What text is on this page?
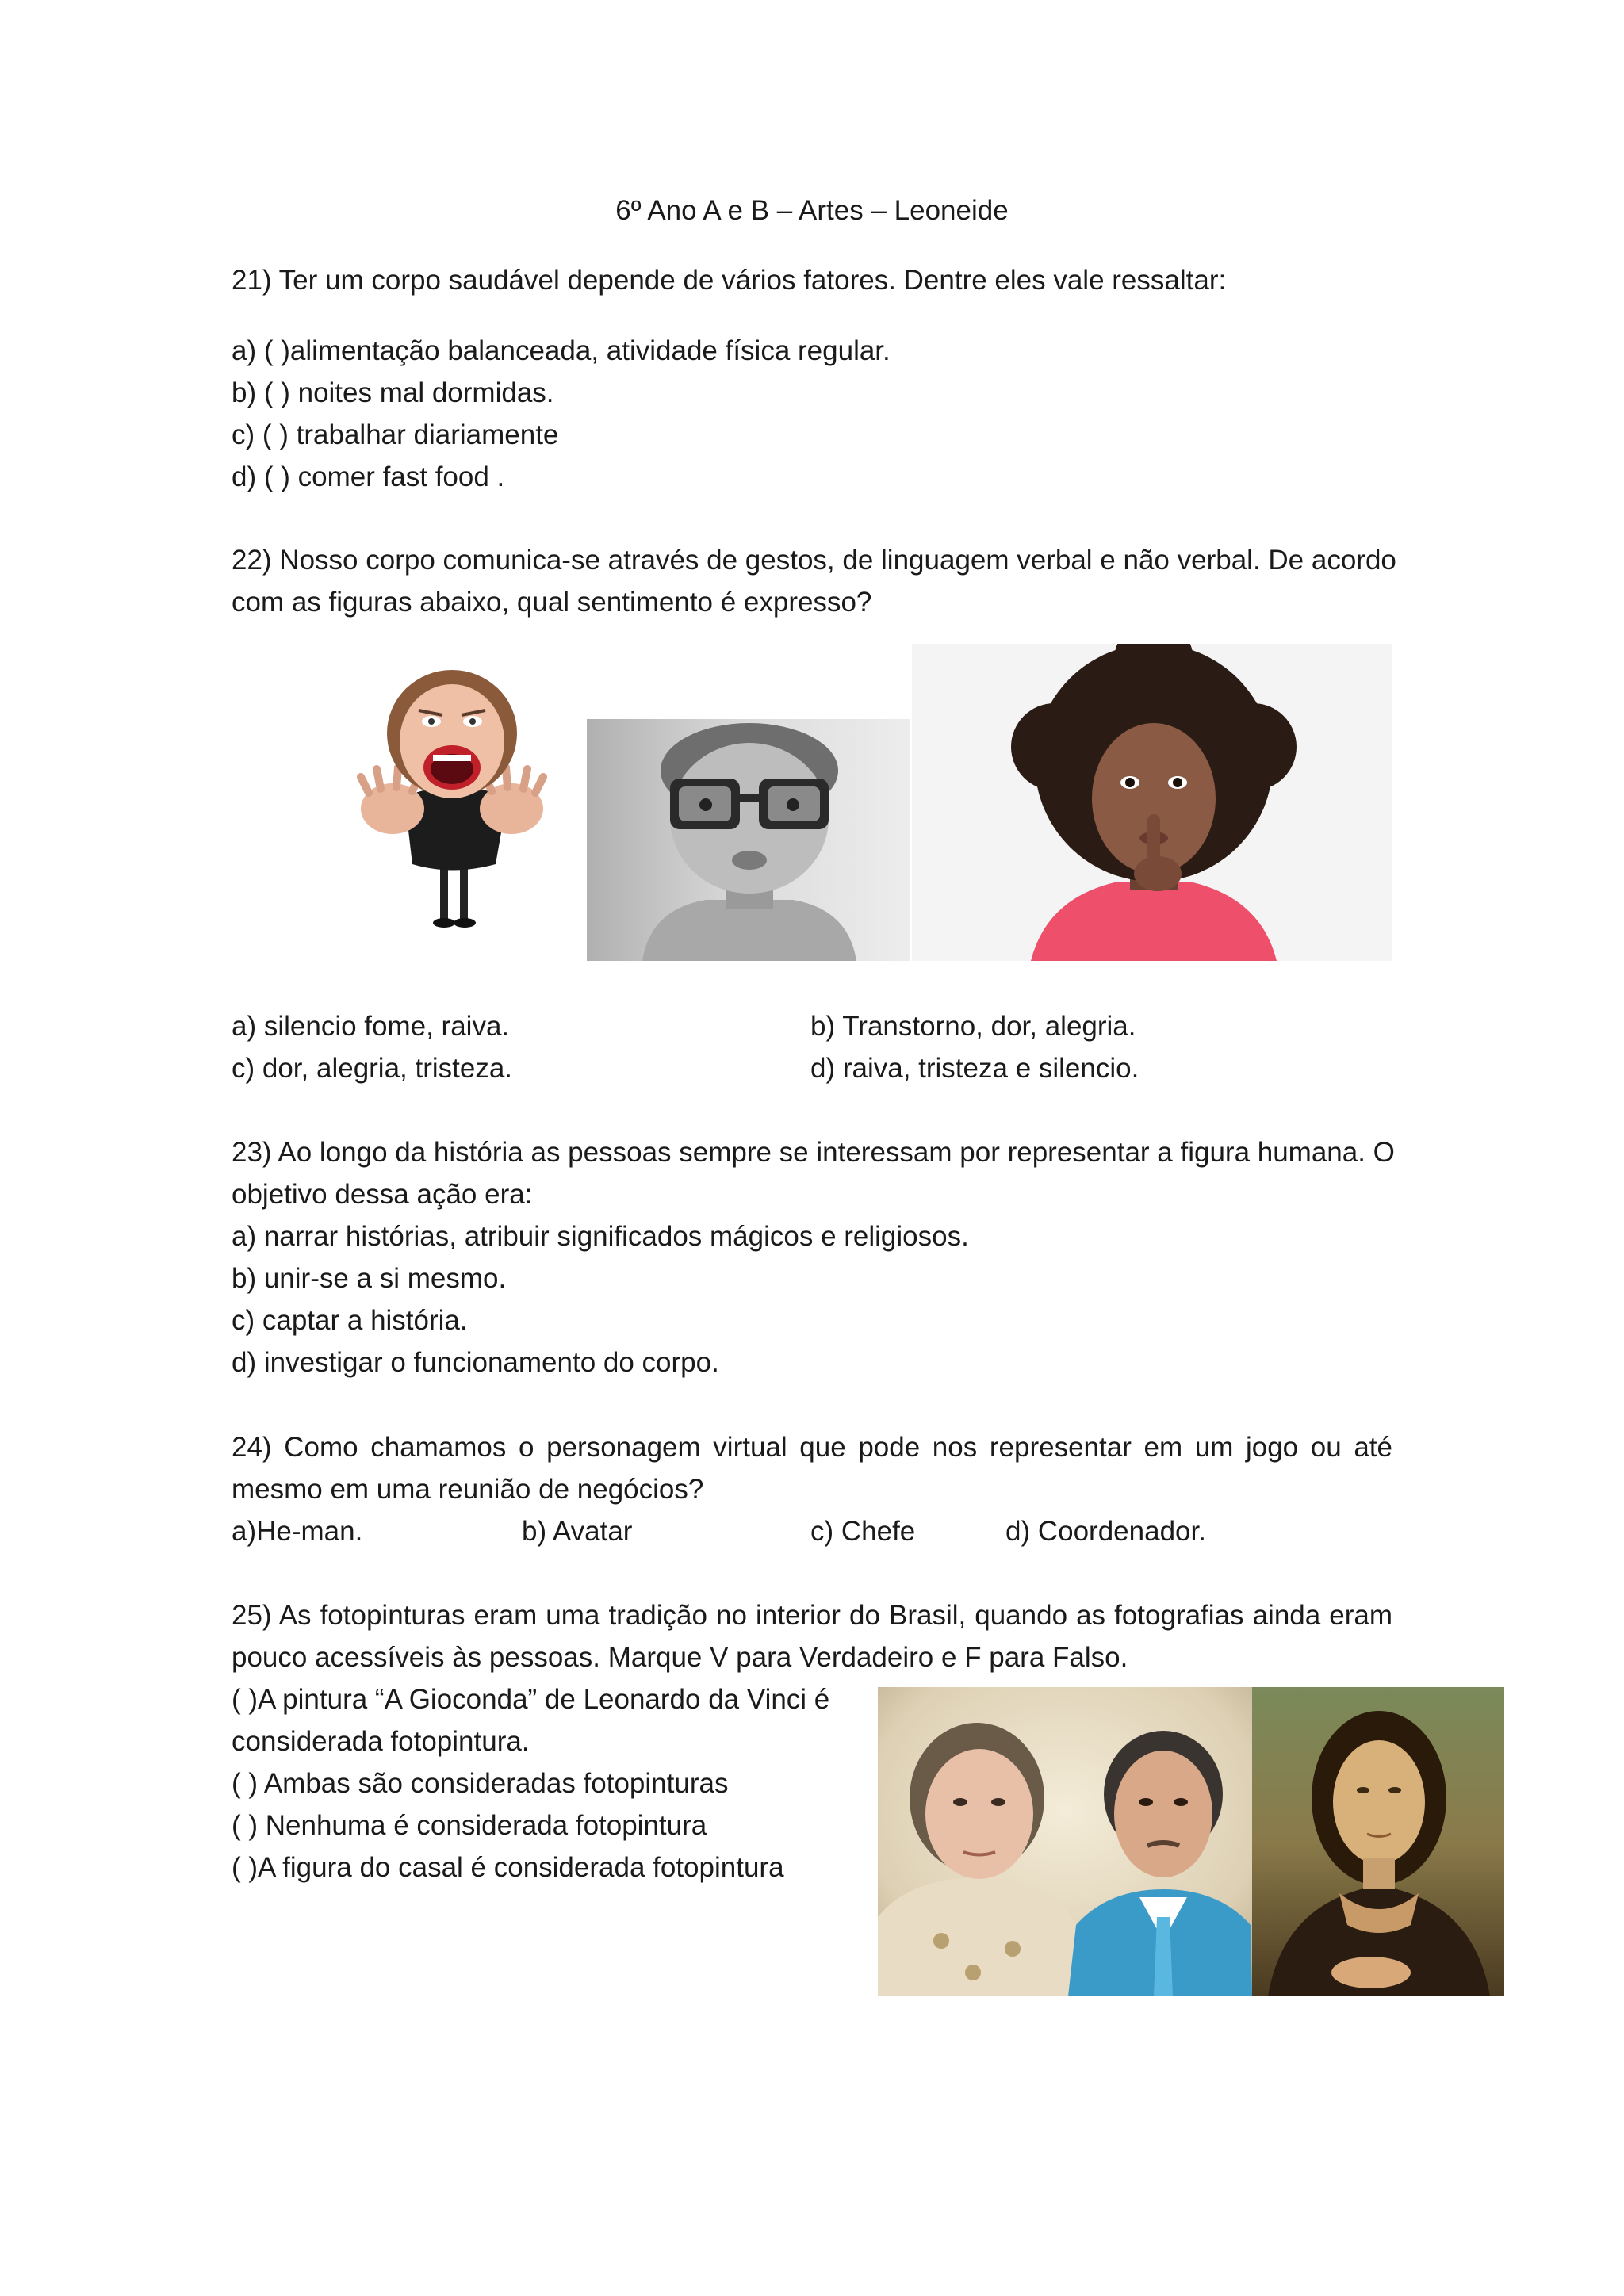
6º Ano A e B – Artes – Leoneide
21) Ter um corpo saudável depende de vários fatores. Dentre eles vale ressaltar:
a) ( )alimentação balanceada, atividade física regular.
b) ( ) noites mal dormidas.
c) ( ) trabalhar diariamente
d) ( ) comer fast food .
22) Nosso corpo comunica-se através de gestos, de linguagem verbal e não verbal. De acordo
com as figuras abaixo, qual sentimento é expresso?
a) silencio fome, raiva.	b) Transtorno, dor, alegria.
c) dor, alegria, tristeza.	d) raiva, tristeza e silencio.
23) Ao longo da história as pessoas sempre se interessam por representar a figura humana. O
objetivo dessa ação era:
a) narrar histórias, atribuir significados mágicos e religiosos.
b) unir-se a si mesmo.
c) captar a história.
d) investigar o funcionamento do corpo.
24) Como chamamos o personagem virtual que pode nos representar em um jogo ou até
mesmo em uma reunião de negócios?
a)He-man.	b) Avatar	c) Chefe	d) Coordenador.
25) As fotopinturas eram uma tradição no interior do Brasil, quando as fotografias ainda eram
pouco acessíveis às pessoas. Marque V para Verdadeiro e F para Falso.
( )A pintura “A Gioconda” de Leonardo da Vinci é
considerada fotopintura.
( ) Ambas são consideradas fotopinturas
( ) Nenhuma é considerada fotopintura
( )A figura do casal é considerada fotopintura
